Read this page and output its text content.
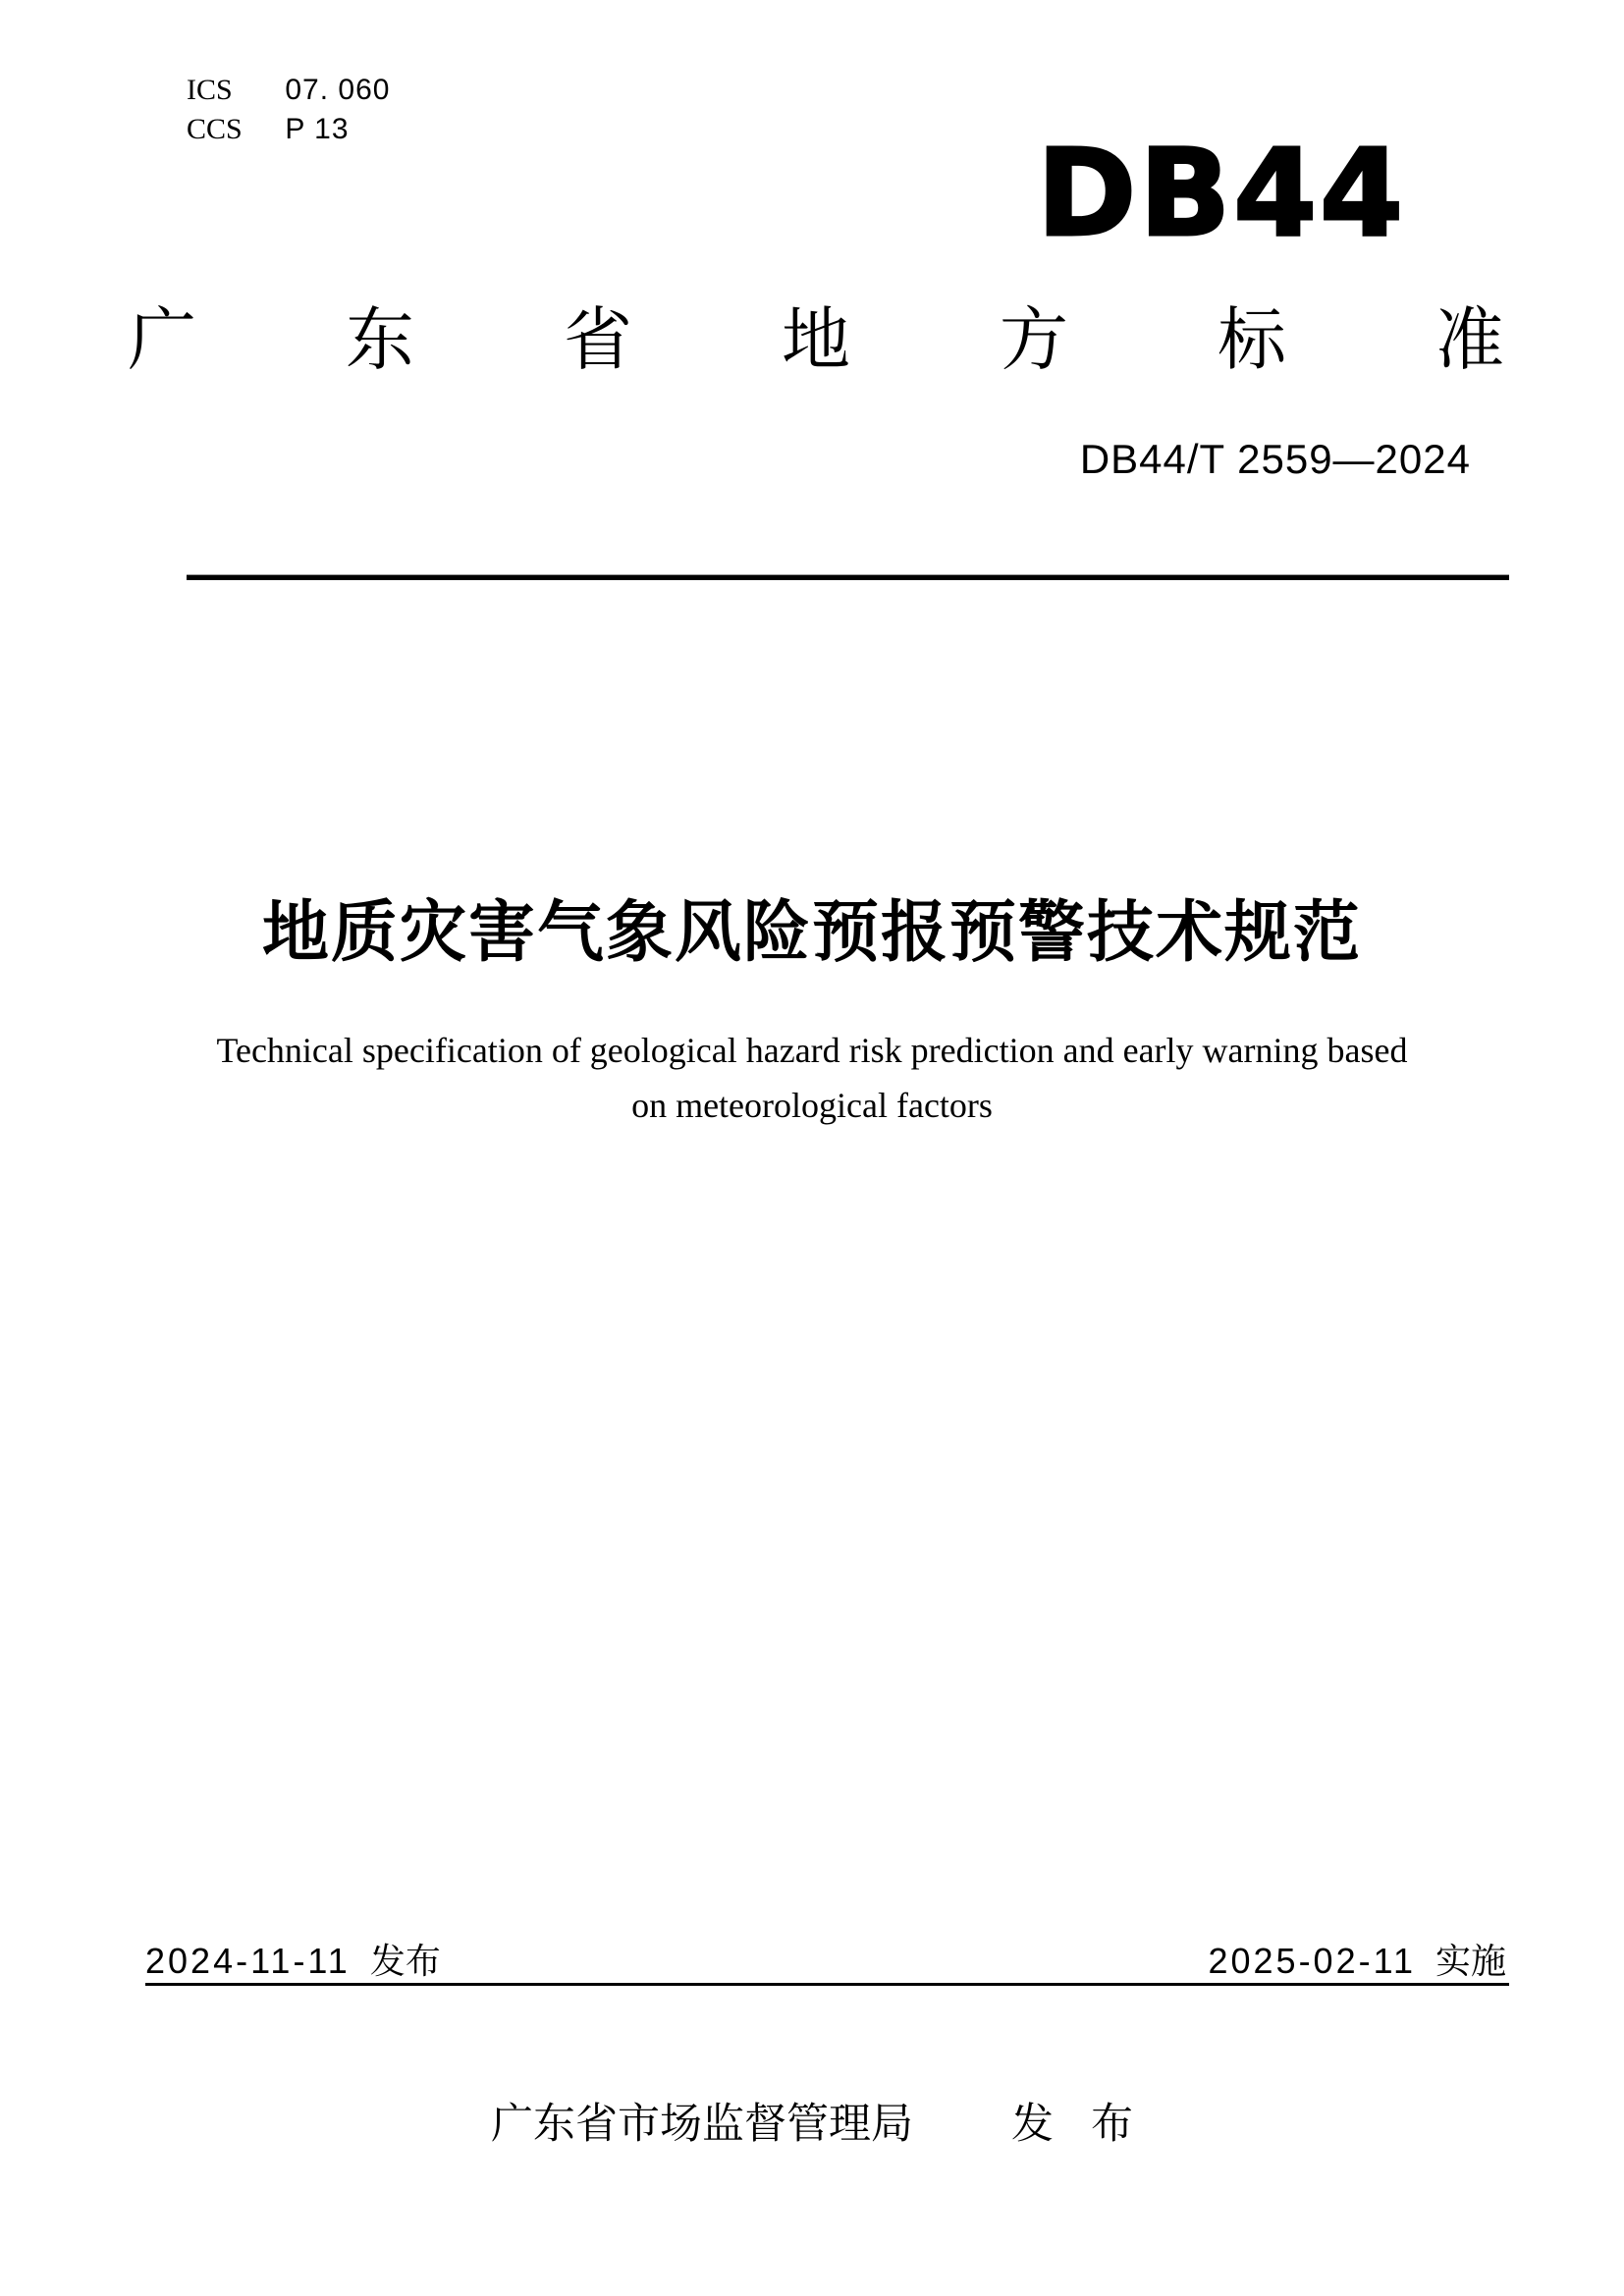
ICS 07. 060
CCS P 13	DB44
广 东 省 地 方 标 准
DB44/T 2559—2024
地质灾害气象风险预报预警技术规范
Technical specification of geological hazard risk prediction and early warning based
on meteorological factors
2024-11-11 发布	2025-02-11 实施
广东省市场监督管理局 发 布
